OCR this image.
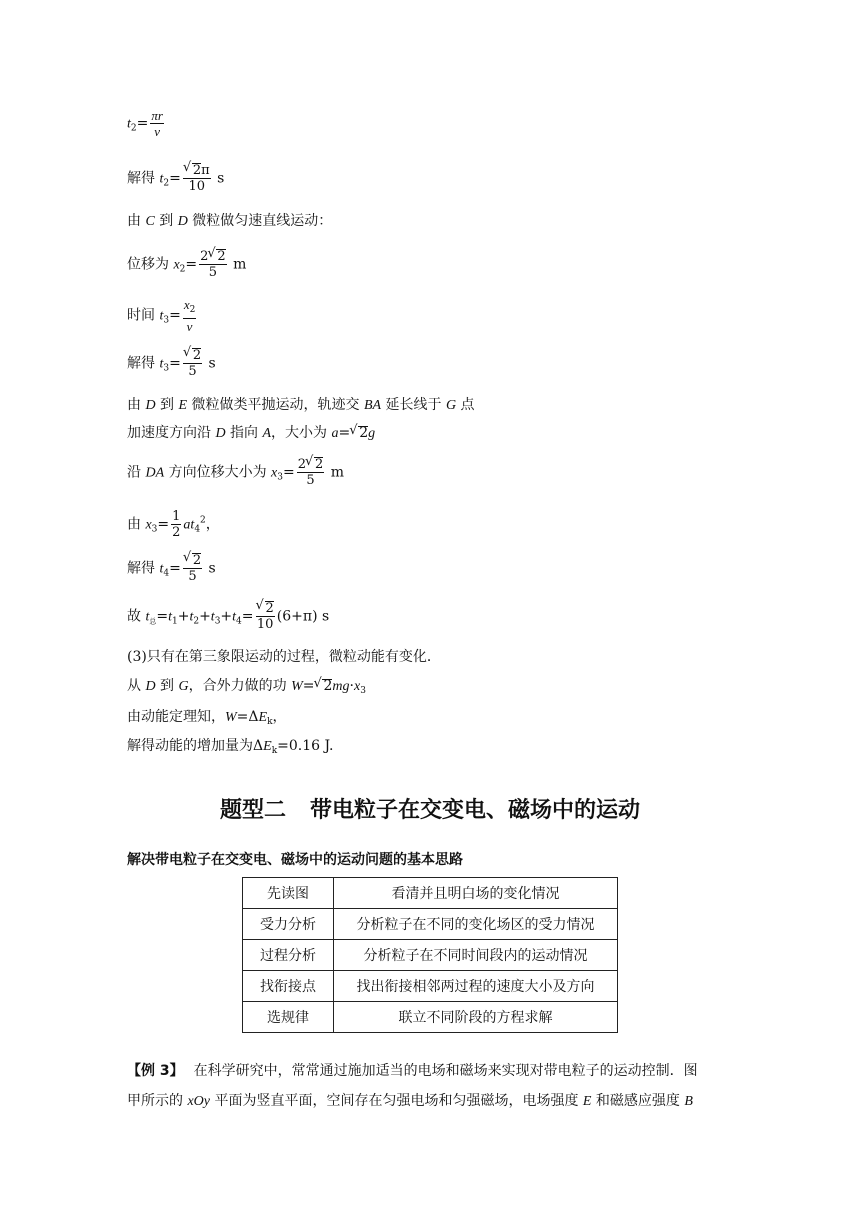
$t_2= \frac{\pi r}{v}$
解得 $t_2=$ √ $\frac{2\pi}{10}$ s
由 C 到 D 微粒做匀速直线运动：
位移为 $x_2= \frac{2 √ 2}{5}$ m
时间 $t_3= \frac{x_2}{v}$
解得 $t_3=$ √ $\frac{2}{5}$ s
由 D 到 E 微粒做类平抛运动，轨迹交 BA 延长线于 G 点
加速度方向沿 D 指向 A，大小为 a= √ 2g
沿 DA 方向位移大小为 $x_3= \frac{2 √ 2}{5}$ m
由 $x_3= \frac{1}{2} at_4^2$，
解得 $t_4=$ √ $\frac{2}{5}$ s
故 $t_总=t_1+t_2+t_3+t_4=$ √ $\frac{2}{10} (6+\pi)$ s
(3)只有在第三象限运动的过程，微粒动能有变化．
从 D 到 G，合外力做的功 W= √ $2mg\cdot x_3$
由动能定理知，$W=\Delta E_k$，
解得动能的增加量为$\Delta E_k=0.16$ J.
题型二 带电粒子在交变电、磁场中的运动
解决带电粒子在交变电、磁场中的运动问题的基本思路
先读图	看清并且明白场的变化情况
受力分析	分析粒子在不同的变化场区的受力情况
过程分析	分析粒子在不同时间段内的运动情况
找衔接点	找出衔接相邻两过程的速度大小及方向
选规律	联立不同阶段的方程求解
【例 3】 在科学研究中，常常通过施加适当的电场和磁场来实现对带电粒子的运动控制．图
甲所示的 xOy 平面为竖直平面，空间存在匀强电场和匀强磁场，电场强度 E 和磁感应强度 B
